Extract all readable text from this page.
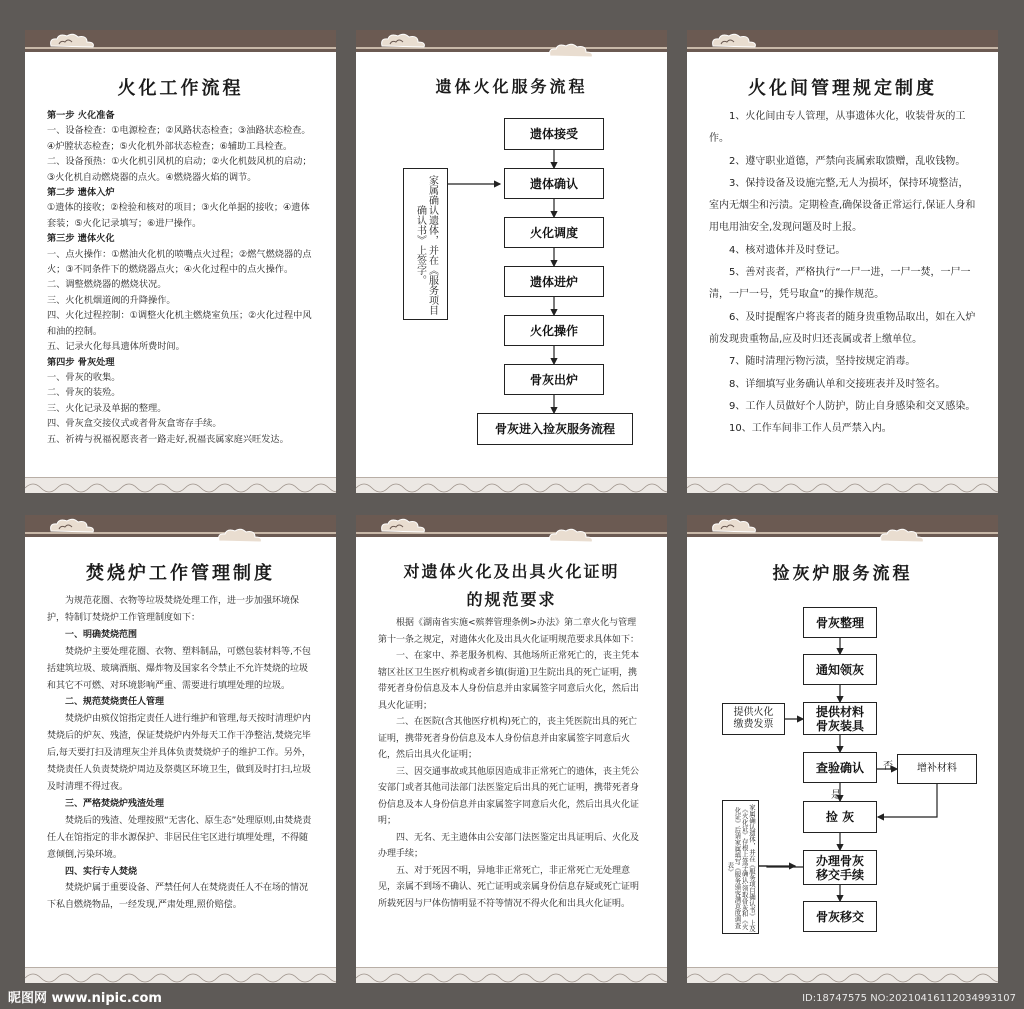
火化工作流程

第一步 火化准备

一、设备检查：①电源检查；②风路状态检查；③油路状态检查。④炉膛状态检查；⑤火化机外部状态检查；⑥辅助工具检查。

二、设备预热：①火化机引风机的启动；②火化机鼓风机的启动；③火化机自动燃烧器的点火。④燃烧器火焰的调节。

第二步 遗体入炉

①遗体的接收；②检验和核对的项目；③火化单据的接收；④遗体套装；⑤火化记录填写；⑥进尸操作。

第三步 遗体火化

一、点火操作：①燃油火化机的喷嘴点火过程；②燃气燃烧器的点火；③不同条件下的燃烧器点火；④火化过程中的点火操作。

二、调整燃烧器的燃烧状况。

三、火化机烟道阀的升降操作。

四、火化过程控制：①调整火化机主燃烧室负压；②火化过程中风和油的控制。

五、记录火化每具遗体所费时间。

第四步 骨灰处理

一、骨灰的收集。

二、骨灰的装殓。

三、火化记录及单据的整理。

四、骨灰盒交接仪式或者骨灰盒寄存手续。

五、祈祷与祝福祝愿丧者一路走好,祝福丧属家庭兴旺发达。

遗体火化服务流程
遗体接受
遗体确认
火化调度
遗体进炉
火化操作
骨灰出炉
骨灰进入捡灰服务流程
家属确认遗体，并在《服务项目确认书》上签字。
火化间管理规定制度

1、火化间由专人管理，从事遗体火化，收装骨灰的工作。

2、遵守职业道德，严禁向丧属索取馈赠，乱收钱物。

3、保持设备及设施完整,无人为损坏，保持环境整洁，室内无烟尘和污渍。定期检查,确保设备正常运行,保证人身和用电用油安全,发现问题及时上报。

4、核对遗体并及时登记。

5、善对丧者，严格执行“一尸一进，一尸一焚，一尸一清，一尸一号，凭号取盒”的操作规范。

6、及时提醒客户将丧者的随身贵重物品取出，如在入炉前发现贵重物品,应及时归还丧属或者上缴单位。

7、随时清理污物污渍，坚持按规定消毒。

8、详细填写业务确认单和交接班表并及时签名。

9、工作人员做好个人防护，防止自身感染和交叉感染。

10、工作车间非工作人员严禁入内。

焚烧炉工作管理制度

为规范花圈、衣物等垃圾焚烧处理工作，进一步加强环境保护，特制订焚烧炉工作管理制度如下：

一、明确焚烧范围

焚烧炉主要处理花圈、衣物、塑料制品，可燃包装材料等,不包括建筑垃圾、玻璃酒瓶、爆炸物及国家名令禁止不允许焚烧的垃圾和其它不可燃、对环境影响严重、需要进行填埋处理的垃圾。

二、规范焚烧责任人管理

焚烧炉由殡仪馆指定责任人进行维护和管理,每天按时清理炉内焚烧后的炉灰、残渣，保证焚烧炉内外每天工作干净整洁,焚烧完毕后,每天要打扫及清理灰尘并具体负责焚烧炉子的维护工作。另外，焚烧责任人负责焚烧炉周边及祭奠区环境卫生，做到及时打扫,垃圾及时清理不得过夜。

三、严格焚烧炉残渣处理

焚烧后的残渣、处理按照“无害化、原生态”处理原则,由焚烧责任人在馆指定的非水源保护、非居民住宅区进行填埋处理，不得随意倾倒,污染环境。

四、实行专人焚烧

焚烧炉属于重要设备、严禁任何人在焚烧责任人不在场的情况下私自燃烧物品，一经发现,严肃处理,照价赔偿。

对遗体火化及出具火化证明
的规范要求

根据《湖南省实施<殡葬管理条例>办法》第二章火化与管理第十一条之规定，对遗体火化及出具火化证明规范要求具体如下：

一、在家中、养老服务机构、其他场所正常死亡的，丧主凭本辖区社区卫生医疗机构或者乡镇(街道)卫生院出具的死亡证明，携带死者身份信息及本人身份信息并由家属签字同意后火化，然后出具火化证明；

二、在医院(含其他医疗机构)死亡的，丧主凭医院出具的死亡证明，携带死者身份信息及本人身份信息并由家属签字同意后火化，然后出具火化证明；

三、因交通事故或其他原因造成非正常死亡的遗体，丧主凭公安部门或者其他司法部门法医鉴定后出具的死亡证明，携带死者身份信息及本人身份信息并由家属签字同意后火化，然后出具火化证明；

四、无名、无主遗体由公安部门法医鉴定出具证明后、火化及办理手续；

五、对于死因不明，异地非正常死亡，非正常死亡无处理意见，亲属不到场不确认、死亡证明或亲属身份信息存疑或死亡证明所载死因与尸体伤情明显不符等情况不得火化和出具火化证明。

捡灰炉服务流程
骨灰整理
通知领灰
提供材料
骨灰装具
查验确认
捡 灰
办理骨灰
移交手续
骨灰移交
提供火化
缴费发票
增补材料
否
是
家属确认遗体，并在《服务项目确认书》上及《火化证》存根上签字确认;领取骨灰和《火化证》后请家属填写《服务颁客满意度调查表》
昵图网 www.nipic.com	ID:18747575 NO:20210416112034993107
